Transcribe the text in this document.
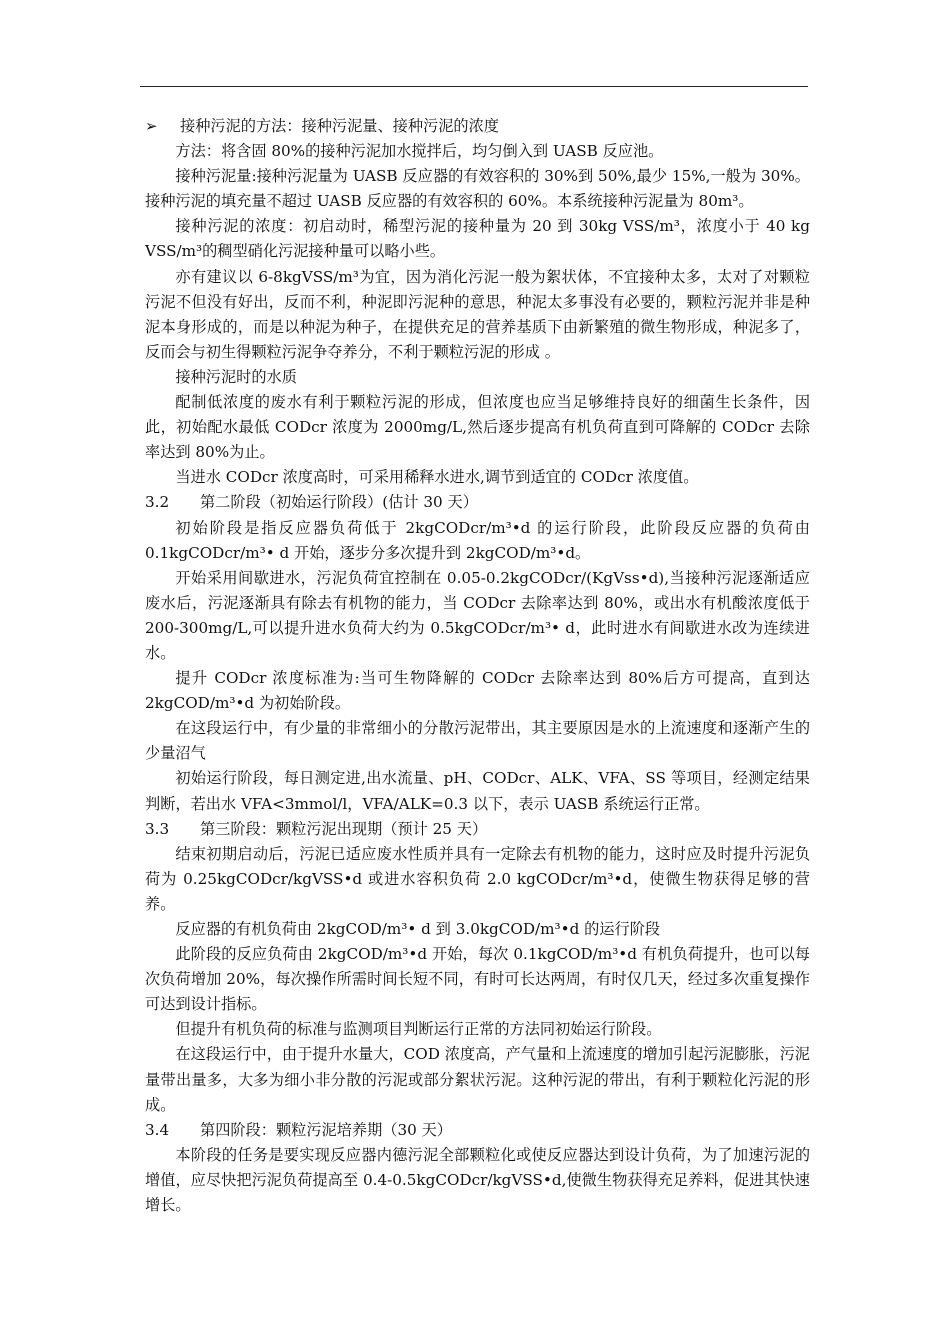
➢	接种污泥的方法：接种污泥量、接种污泥的浓度

方法：将含固 80%的接种污泥加水搅拌后，均匀倒入到 UASB 反应池。

接种污泥量:接种污泥量为 UASB 反应器的有效容积的 30%到 50%,最少 15%,一般为 30%。接种污泥的填充量不超过 UASB 反应器的有效容积的 60%。本系统接种污泥量为 80m³。

接种污泥的浓度：初启动时，稀型污泥的接种量为 20 到 30kg VSS/m³，浓度小于 40 kg VSS/m³的稠型硝化污泥接种量可以略小些。

亦有建议以 6-8kgVSS/m³为宜，因为消化污泥一般为絮状体，不宜接种太多，太对了对颗粒污泥不但没有好出，反而不利，种泥即污泥种的意思，种泥太多事没有必要的，颗粒污泥并非是种泥本身形成的，而是以种泥为种子，在提供充足的营养基质下由新繁殖的微生物形成，种泥多了，反而会与初生得颗粒污泥争夺养分，不利于颗粒污泥的形成 。

接种污泥时的水质

配制低浓度的废水有利于颗粒污泥的形成，但浓度也应当足够维持良好的细菌生长条件，因此，初始配水最低 CODcr 浓度为 2000mg/L,然后逐步提高有机负荷直到可降解的 CODcr 去除率达到 80%为止。

当进水 CODcr 浓度高时，可采用稀释水进水,调节到适宜的 CODcr 浓度值。

3.2 第二阶段（初始运行阶段）(估计 30 天）

初始阶段是指反应器负荷低于 2kgCODcr/m³•d 的运行阶段，此阶段反应器的负荷由 0.1kgCODcr/m³• d 开始，逐步分多次提升到 2kgCOD/m³•d。

开始采用间歇进水，污泥负荷宜控制在 0.05-0.2kgCODcr/(KgVss•d),当接种污泥逐渐适应废水后，污泥逐渐具有除去有机物的能力，当 CODcr 去除率达到 80%，或出水有机酸浓度低于 200-300mg/L,可以提升进水负荷大约为 0.5kgCODcr/m³• d，此时进水有间歇进水改为连续进水。

提升 CODcr 浓度标准为:当可生物降解的 CODcr 去除率达到 80%后方可提高，直到达 2kgCOD/m³•d 为初始阶段。

在这段运行中，有少量的非常细小的分散污泥带出，其主要原因是水的上流速度和逐渐产生的少量沼气

初始运行阶段，每日测定进,出水流量、pH、CODcr、ALK、VFA、SS 等项目，经测定结果判断，若出水 VFA<3mmol/l，VFA/ALK=0.3 以下，表示 UASB 系统运行正常。

3.3 第三阶段：颗粒污泥出现期（预计 25 天）

结束初期启动后，污泥已适应废水性质并具有一定除去有机物的能力，这时应及时提升污泥负荷为 0.25kgCODcr/kgVSS•d 或进水容积负荷 2.0 kgCODcr/m³•d，使微生物获得足够的营养。

反应器的有机负荷由 2kgCOD/m³• d 到 3.0kgCOD/m³•d 的运行阶段

此阶段的反应负荷由 2kgCOD/m³•d 开始，每次 0.1kgCOD/m³•d 有机负荷提升，也可以每次负荷增加 20%，每次操作所需时间长短不同，有时可长达两周，有时仅几天，经过多次重复操作可达到设计指标。

但提升有机负荷的标准与监测项目判断运行正常的方法同初始运行阶段。

在这段运行中，由于提升水量大，COD 浓度高，产气量和上流速度的增加引起污泥膨胀，污泥量带出量多，大多为细小非分散的污泥或部分絮状污泥。这种污泥的带出，有利于颗粒化污泥的形成。

3.4 第四阶段：颗粒污泥培养期（30 天）

本阶段的任务是要实现反应器内德污泥全部颗粒化或使反应器达到设计负荷，为了加速污泥的增值，应尽快把污泥负荷提高至 0.4-0.5kgCODcr/kgVSS•d,使微生物获得充足养料，促进其快速增长。
